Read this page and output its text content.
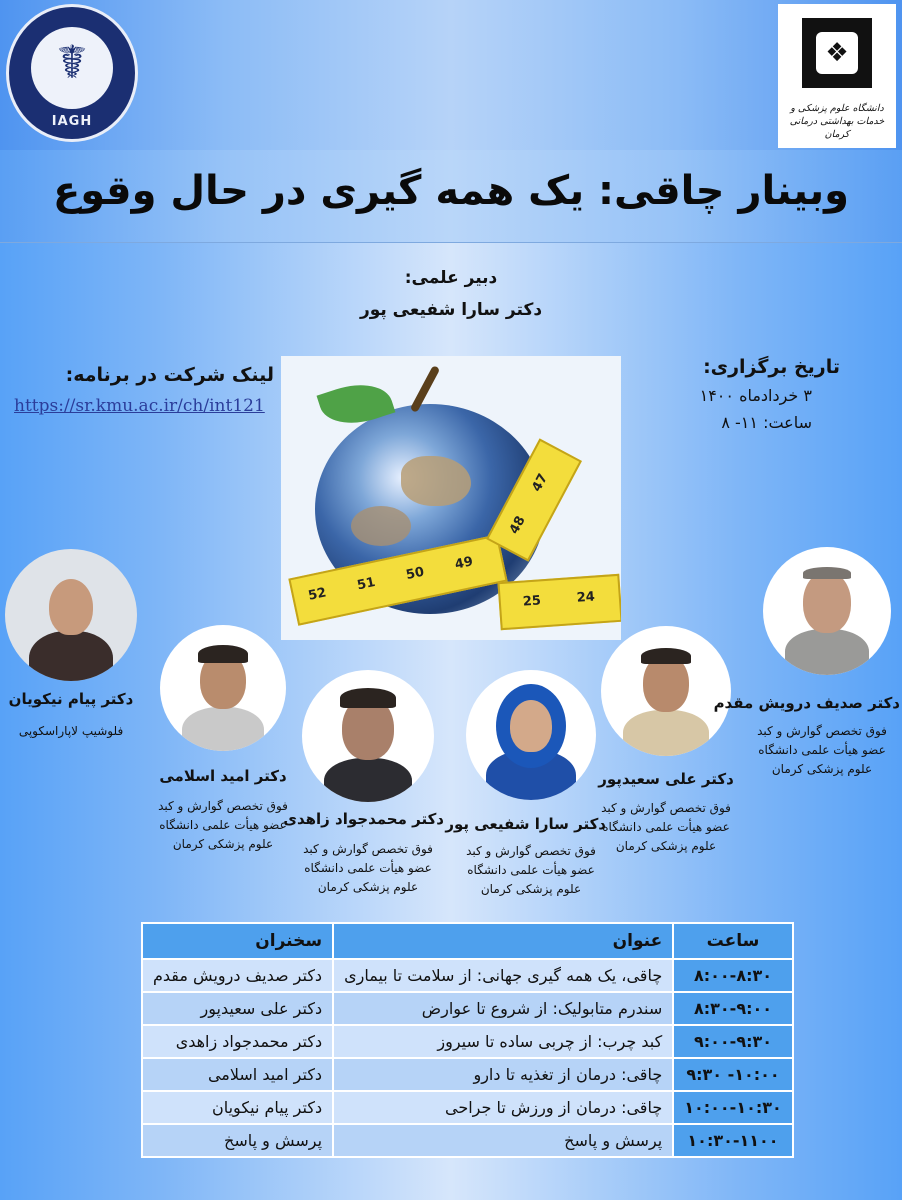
☤
IAGH
❖
دانشگاه علوم پزشکی و خدمات بهداشتی درمانی کرمان
وبینار چاقی: یک همه گیری در حال وقوع
دبیر علمی:
دکتر سارا شفیعی پور
تاریخ برگزاری:
۳ خردادماه ۱۴۰۰
ساعت: ۱۱- ۸
لینک شرکت در برنامه:
https://sr.kmu.ac.ir/ch/int121
52
51
50
49
48
47
25	24
دکتر پیام نیکویان
فلوشیپ لاپاراسکوپی
دکتر امید اسلامی
فوق تخصص گوارش و کبد عضو هیأت علمی دانشگاه علوم پزشکی کرمان
دکتر محمدجواد زاهدی
فوق تخصص گوارش و کبد عضو هیأت علمی دانشگاه علوم پزشکی کرمان
دکتر سارا شفیعی پور
فوق تخصص گوارش و کبد عضو هیأت علمی دانشگاه علوم پزشکی کرمان
دکتر علی سعیدپور
فوق تخصص گوارش و کبد عضو هیأت علمی دانشگاه علوم پزشکی کرمان
دکتر صدیف درویش مقدم
فوق تخصص گوارش و کبد عضو هیأت علمی دانشگاه علوم پزشکی کرمان
ساعت	عنوان	سخنران
۸:۰۰-۸:۳۰	چاقی، یک همه گیری جهانی: از سلامت تا بیماری	دکتر صدیف درویش مقدم
۸:۳۰-۹:۰۰	سندرم متابولیک: از شروع تا عوارض	دکتر علی سعیدپور
۹:۰۰-۹:۳۰	کبد چرب: از چربی ساده تا سیروز	دکتر محمدجواد زاهدی
۹:۳۰ -۱۰:۰۰	چاقی: درمان از تغذیه تا دارو	دکتر امید اسلامی
۱۰:۰۰-۱۰:۳۰	چاقی: درمان از ورزش تا جراحی	دکتر پیام نیکویان
۱۰:۳۰-۱۱۰۰	پرسش و پاسخ	پرسش و پاسخ
